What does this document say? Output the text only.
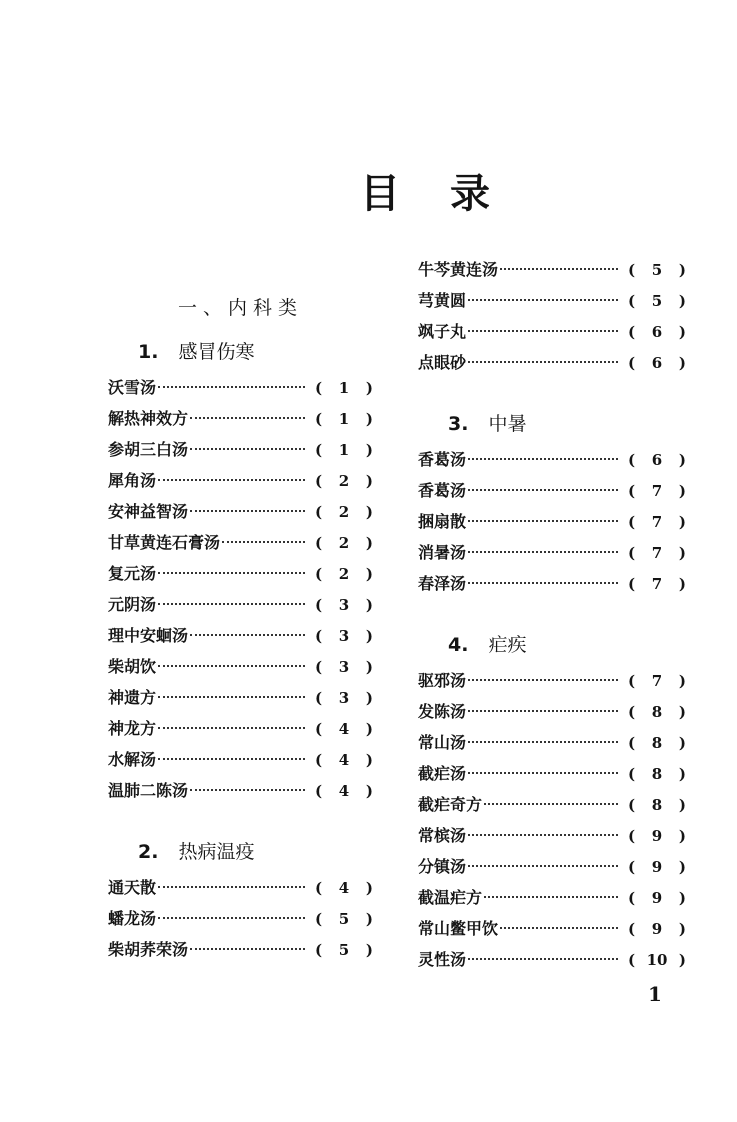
目 录
一、内科类
1. 感冒伤寒
沃雪汤	( 1 )
解热神效方	( 1 )
参胡三白汤	( 1 )
犀角汤	( 2 )
安神益智汤	( 2 )
甘草黄连石膏汤	( 2 )
复元汤	( 2 )
元阴汤	( 3 )
理中安蛔汤	( 3 )
柴胡饮	( 3 )
神遗方	( 3 )
神龙方	( 4 )
水解汤	( 4 )
温肺二陈汤	( 4 )
2. 热病温疫
通天散	( 4 )
蟠龙汤	( 5 )
柴胡荞荣汤	( 5 )
牛芩黄连汤	( 5 )
芎黄圆	( 5 )
飒子丸	( 6 )
点眼砂	( 6 )
3. 中暑
香葛汤	( 6 )
香葛汤	( 7 )
捆扇散	( 7 )
消暑汤	( 7 )
春泽汤	( 7 )
4. 疟疾
驱邪汤	( 7 )
发陈汤	( 8 )
常山汤	( 8 )
截疟汤	( 8 )
截疟奇方	( 8 )
常槟汤	( 9 )
分镇汤	( 9 )
截温疟方	( 9 )
常山鳖甲饮	( 9 )
灵性汤	( 10 )
1
